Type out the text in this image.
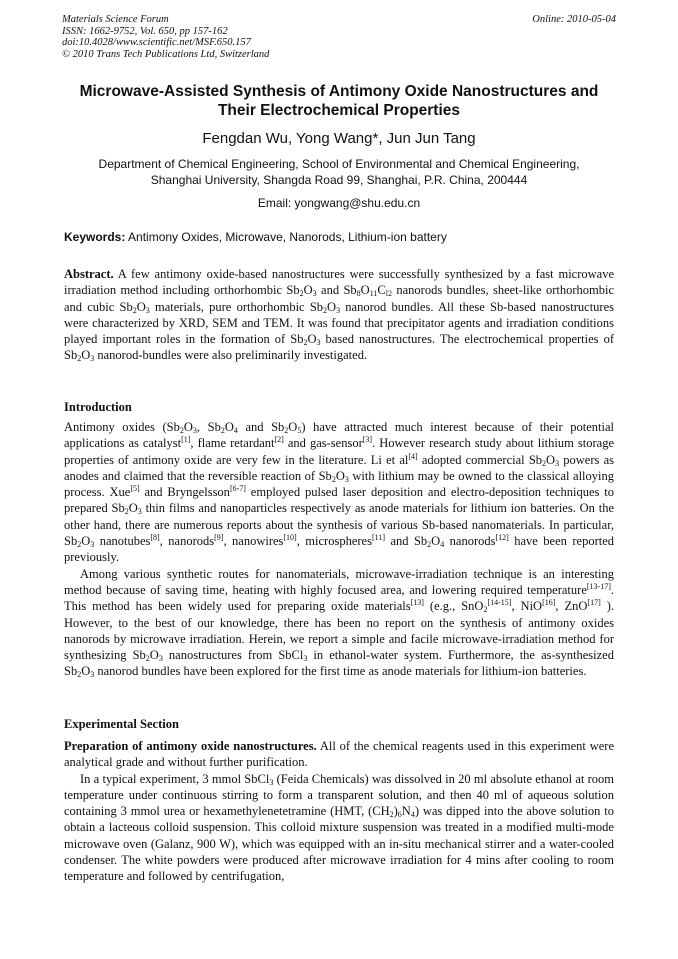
Materials Science Forum
ISSN: 1662-9752, Vol. 650, pp 157-162
doi:10.4028/www.scientific.net/MSF.650.157
© 2010 Trans Tech Publications Ltd, Switzerland
Online: 2010-05-04
Microwave-Assisted Synthesis of Antimony Oxide Nanostructures and
Their Electrochemical Properties
Fengdan Wu, Yong Wang*, Jun Jun Tang
Department of Chemical Engineering, School of Environmental and Chemical Engineering,
Shanghai University, Shangda Road 99, Shanghai, P.R. China, 200444
Email: yongwang@shu.edu.cn
Keywords: Antimony Oxides, Microwave, Nanorods, Lithium-ion battery

Abstract. A few antimony oxide-based nanostructures were successfully synthesized by a fast microwave irradiation method including orthorhombic $Sb_2O_3$ and $Sb_8O_{11}C_{l2}$ nanorods bundles, sheet-like orthorhombic and cubic $Sb_2O_3$ materials, pure orthorhombic $Sb_2O_3$ nanorod bundles. All these Sb-based nanostructures were characterized by XRD, SEM and TEM. It was found that precipitator agents and irradiation conditions played important roles in the formation of $Sb_2O_3$ based nanostructures. The electrochemical properties of $Sb_2O_3$ nanorod-bundles were also preliminarily investigated.

Introduction

Antimony oxides ($Sb_2O_3$, $Sb_2O_4$ and $Sb_2O_5$) have attracted much interest because of their potential applications as catalyst[1], flame retardant[2] and gas-sensor[3]. However research study about lithium storage properties of antimony oxide are very few in the literature. Li et al[4] adopted commercial $Sb_2O_3$ powers as anodes and claimed that the reversible reaction of $Sb_2O_3$ with lithium may be owned to the classical alloying process. Xue[5] and Bryngelsson[6-7] employed pulsed laser deposition and electro-deposition techniques to prepared $Sb_2O_3$ thin films and nanoparticles respectively as anode materials for lithium ion batteries. On the other hand, there are numerous reports about the synthesis of various Sb-based nanomaterials. In particular, $Sb_2O_3$ nanotubes[8], nanorods[9], nanowires[10], microspheres[11] and $Sb_2O_4$ nanorods[12] have been reported previously.

Among various synthetic routes for nanomaterials, microwave-irradiation technique is an interesting method because of saving time, heating with highly focused area, and lowering required temperature[13-17]. This method has been widely used for preparing oxide materials[13] (e.g., SnO$_2$[14-15], NiO[16], ZnO[17] ). However, to the best of our knowledge, there has been no report on the synthesis of antimony oxides nanorods by microwave irradiation. Herein, we report a simple and facile microwave-irradiation method for synthesizing $Sb_2O_3$ nanostructures from SbCl$_3$ in ethanol-water system. Furthermore, the as-synthesized $Sb_2O_3$ nanorod bundles have been explored for the first time as anode materials for lithium-ion batteries.

Experimental Section

Preparation of antimony oxide nanostructures. All of the chemical reagents used in this experiment were analytical grade and without further purification.

In a typical experiment, 3 mmol SbCl$_3$ (Feida Chemicals) was dissolved in 20 ml absolute ethanol at room temperature under continuous stirring to form a transparent solution, and then 40 ml of aqueous solution containing 3 mmol urea or hexamethylenetetramine (HMT, $(CH_2)_6N_4$) was dipped into the above solution to obtain a lacteous colloid suspension. This colloid mixture suspension was treated in a modified multi-mode microwave oven (Galanz, 900 W), which was equipped with an in-situ mechanical stirrer and a water-cooled condenser. The white powders were produced after microwave irradiation for 4 mins after cooling to room temperature and followed by centrifugation,
